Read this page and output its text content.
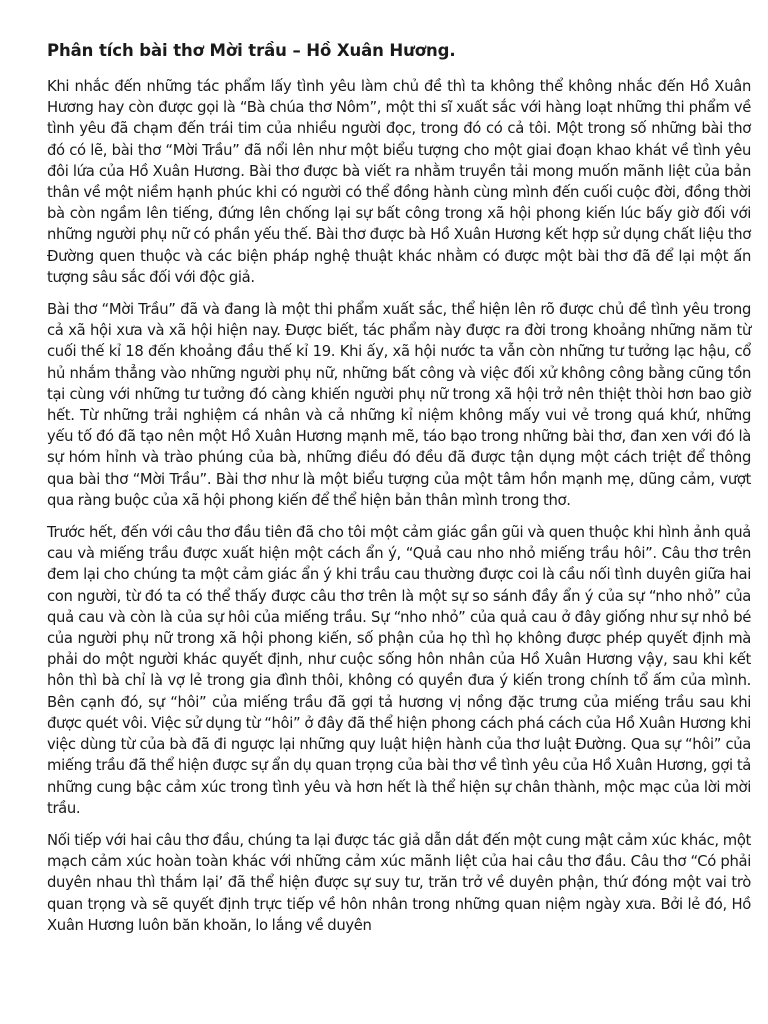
Phân tích bài thơ Mời trầu – Hồ Xuân Hương.

Khi nhắc đến những tác phẩm lấy tình yêu làm chủ đề thì ta không thể không nhắc đến Hồ Xuân Hương hay còn được gọi là “Bà chúa thơ Nôm”, một thi sĩ xuất sắc với hàng loạt những thi phẩm về tình yêu đã chạm đến trái tim của nhiều người đọc, trong đó có cả tôi. Một trong số những bài thơ đó có lẽ, bài thơ “Mời Trầu” đã nổi lên như một biểu tượng cho một giai đoạn khao khát về tình yêu đôi lứa của Hồ Xuân Hương. Bài thơ được bà viết ra nhằm truyền tải mong muốn mãnh liệt của bản thân về một niềm hạnh phúc khi có người có thể đồng hành cùng mình đến cuối cuộc đời, đồng thời bà còn ngầm lên tiếng, đứng lên chống lại sự bất công trong xã hội phong kiến lúc bấy giờ đối với những người phụ nữ có phần yếu thế. Bài thơ được bà Hồ Xuân Hương kết hợp sử dụng chất liệu thơ Đường quen thuộc và các biện pháp nghệ thuật khác nhằm có được một bài thơ đã để lại một ấn tượng sâu sắc đối với độc giả.

Bài thơ “Mời Trầu” đã và đang là một thi phẩm xuất sắc, thể hiện lên rõ được chủ đề tình yêu trong cả xã hội xưa và xã hội hiện nay. Được biết, tác phẩm này được ra đời trong khoảng những năm từ cuối thế kỉ 18 đến khoảng đầu thế kỉ 19. Khi ấy, xã hội nước ta vẫn còn những tư tưởng lạc hậu, cổ hủ nhắm thẳng vào những người phụ nữ, những bất công và việc đối xử không công bằng cũng tồn tại cùng với những tư tưởng đó càng khiến người phụ nữ trong xã hội trở nên thiệt thòi hơn bao giờ hết. Từ những trải nghiệm cá nhân và cả những kỉ niệm không mấy vui vẻ trong quá khứ, những yếu tố đó đã tạo nên một Hồ Xuân Hương mạnh mẽ, táo bạo trong những bài thơ, đan xen với đó là sự hóm hỉnh và trào phúng của bà, những điều đó đều đã được tận dụng một cách triệt để thông qua bài thơ “Mời Trầu”. Bài thơ như là một biểu tượng của một tâm hồn mạnh mẹ, dũng cảm, vượt qua ràng buộc của xã hội phong kiến để thể hiện bản thân mình trong thơ.

Trước hết, đến với câu thơ đầu tiên đã cho tôi một cảm giác gần gũi và quen thuộc khi hình ảnh quả cau và miếng trầu được xuất hiện một cách ẩn ý, “Quả cau nho nhỏ miếng trầu hôi”. Câu thơ trên đem lại cho chúng ta một cảm giác ẩn ý khi trầu cau thường được coi là cầu nối tình duyên giữa hai con người, từ đó ta có thể thấy được câu thơ trên là một sự so sánh đầy ẩn ý của sự “nho nhỏ” của quả cau và còn là của sự hôi của miếng trầu. Sự “nho nhỏ” của quả cau ở đây giống như sự nhỏ bé của người phụ nữ trong xã hội phong kiến, số phận của họ thì họ không được phép quyết định mà phải do một người khác quyết định, như cuộc sống hôn nhân của Hồ Xuân Hương vậy, sau khi kết hôn thì bà chỉ là vợ lẻ trong gia đình thôi, không có quyền đưa ý kiến trong chính tổ ấm của mình. Bên cạnh đó, sự “hôi” của miếng trầu đã gợi tả hương vị nồng đặc trưng của miếng trầu sau khi được quét vôi. Việc sử dụng từ “hôi” ở đây đã thể hiện phong cách phá cách của Hồ Xuân Hương khi việc dùng từ của bà đã đi ngược lại những quy luật hiện hành của thơ luật Đường. Qua sự “hôi” của miếng trầu đã thể hiện được sự ẩn dụ quan trọng của bài thơ về tình yêu của Hồ Xuân Hương, gợi tả những cung bậc cảm xúc trong tình yêu và hơn hết là thể hiện sự chân thành, mộc mạc của lời mời trầu.

Nối tiếp với hai câu thơ đầu, chúng ta lại được tác giả dẫn dắt đến một cung mật cảm xúc khác, một mạch cảm xúc hoàn toàn khác với những cảm xúc mãnh liệt của hai câu thơ đầu. Câu thơ “Có phải duyên nhau thì thắm lại’ đã thể hiện được sự suy tư, trăn trở về duyên phận, thứ đóng một vai trò quan trọng và sẽ quyết định trực tiếp về hôn nhân trong những quan niệm ngày xưa. Bởi lẻ đó, Hồ Xuân Hương luôn băn khoăn, lo lắng về duyên
